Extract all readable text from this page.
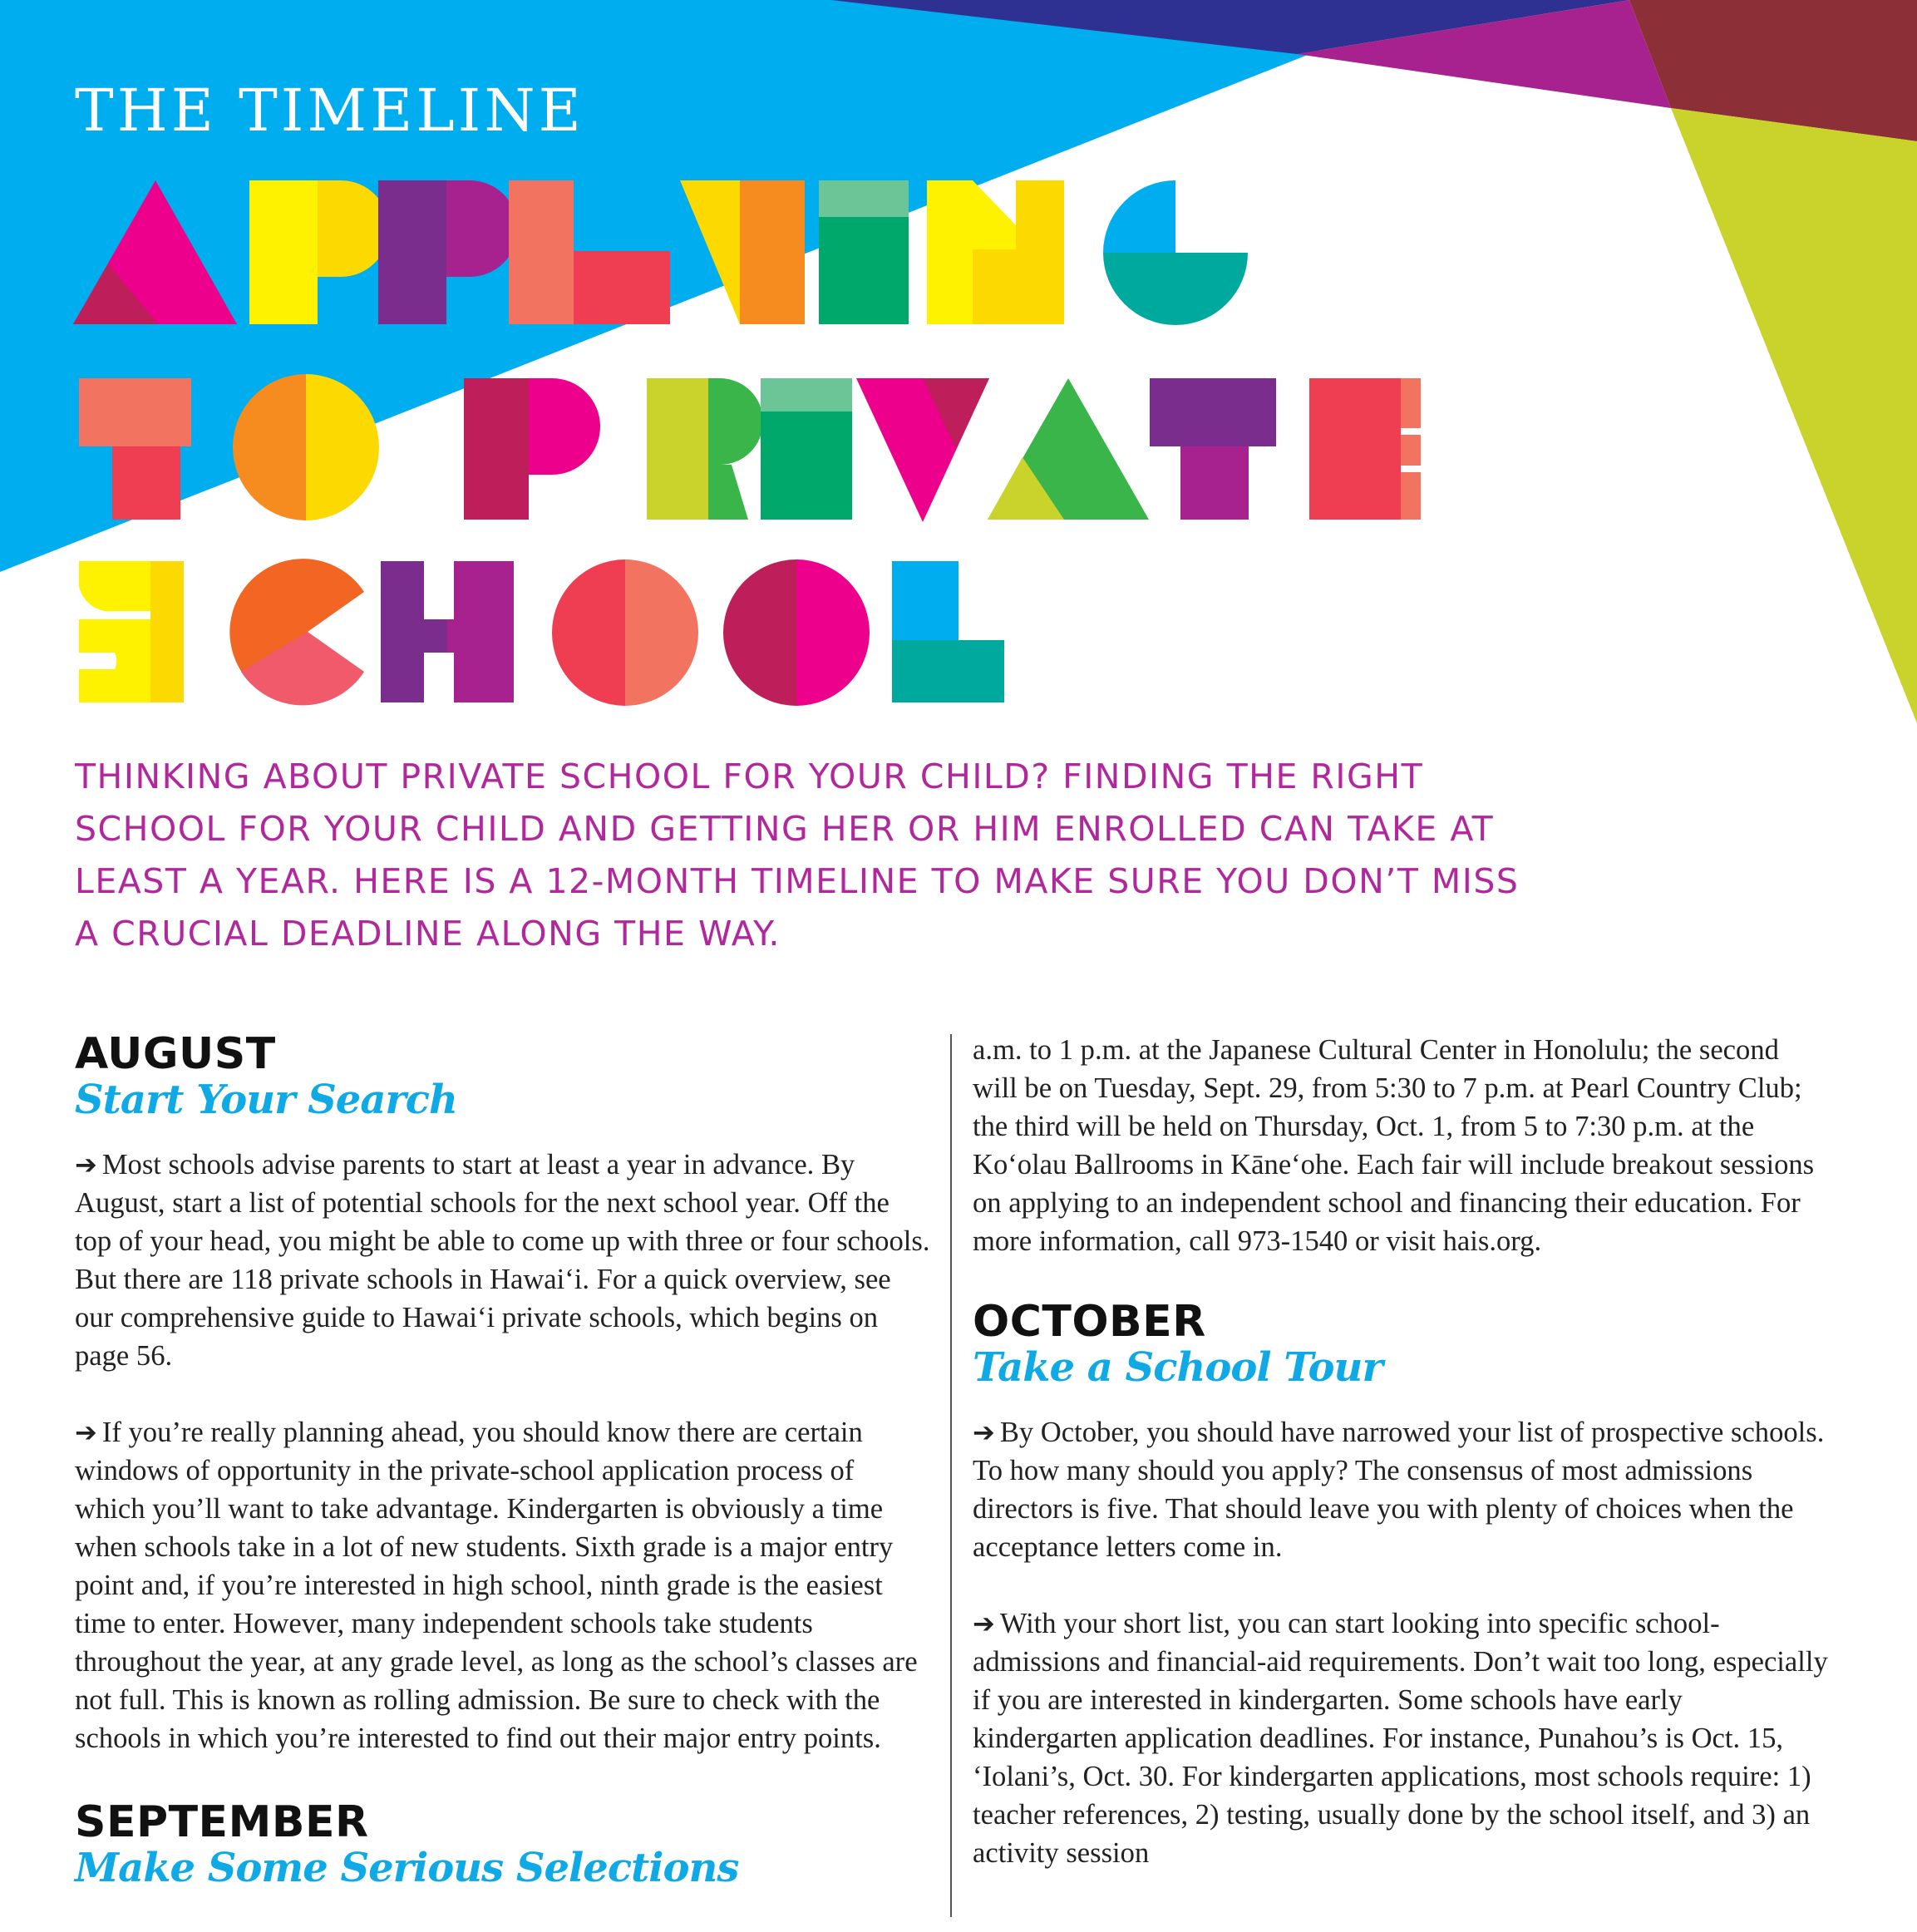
THE TIMELINE

THINKING ABOUT PRIVATE SCHOOL FOR YOUR CHILD? FINDING THE RIGHT SCHOOL FOR YOUR CHILD AND GETTING HER OR HIM ENROLLED CAN TAKE AT LEAST A YEAR. HERE IS A 12-MONTH TIMELINE TO MAKE SURE YOU DON’T MISS A CRUCIAL DEADLINE ALONG THE WAY.

AUGUST
Start Your Search

➔ Most schools advise parents to start at least a year in advance. By August, start a list of potential schools for the next school year. Off the top of your head, you might be able to come up with three or four schools. But there are 118 private schools in Hawai‘i. For a quick overview, see our comprehensive guide to Hawai‘i private schools, which begins on page 56.

➔ If you’re really planning ahead, you should know there are certain windows of opportunity in the private-school application process of which you’ll want to take advantage. Kindergarten is obviously a time when schools take in a lot of new students. Sixth grade is a major entry point and, if you’re interested in high school, ninth grade is the easiest time to enter. However, many independent schools take students throughout the year, at any grade level, as long as the school’s classes are not full. This is known as rolling admission. Be sure to check with the schools in which you’re interested to find out their major entry points.

SEPTEMBER
Make Some Serious Selections

a.m. to 1 p.m. at the Japanese Cultural Center in Honolulu; the second will be on Tuesday, Sept. 29, from 5:30 to 7 p.m. at Pearl Country Club; the third will be held on Thursday, Oct. 1, from 5 to 7:30 p.m. at the Ko‘olau Ballrooms in Kāne‘ohe. Each fair will include breakout sessions on applying to an independent school and financing their education. For more information, call 973-1540 or visit hais.org.

OCTOBER
Take a School Tour

➔ By October, you should have narrowed your list of prospective schools. To how many should you apply? The consensus of most admissions directors is five. That should leave you with plenty of choices when the acceptance letters come in.

➔ With your short list, you can start looking into specific school-admissions and financial-aid requirements. Don’t wait too long, especially if you are interested in kindergarten. Some schools have early kindergarten application deadlines. For instance, Punahou’s is Oct. 15, ‘Iolani’s, Oct. 30. For kindergarten applications, most schools require: 1) teacher references, 2) testing, usually done by the school itself, and 3) an activity session
